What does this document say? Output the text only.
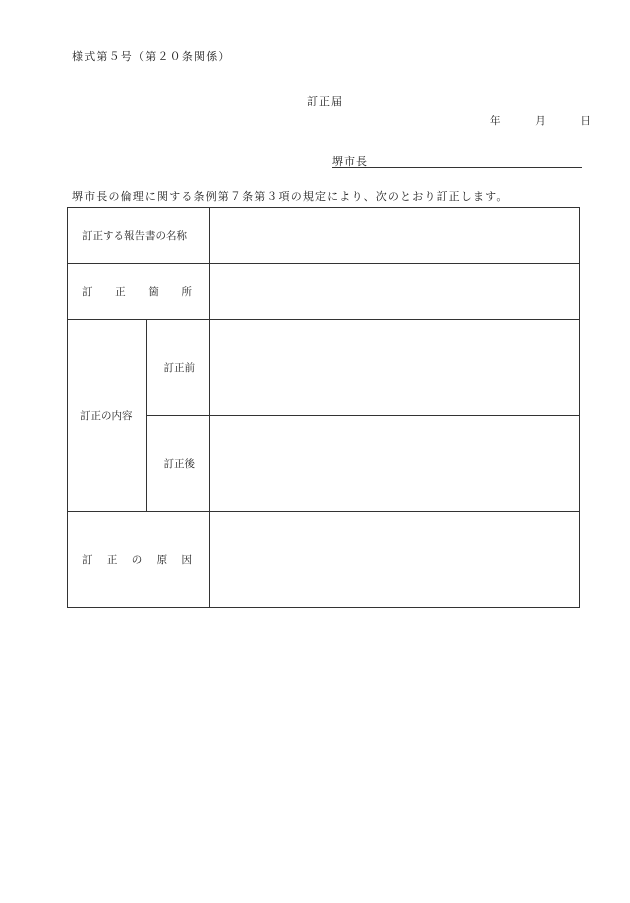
様式第５号（第２０条関係）
訂正届
年	月	日
堺市長
堺市長の倫理に関する条例第７条第３項の規定により、次のとおり訂正します。
訂正する報告書の名称		

訂 正 箇 所		

訂正の内容	訂正前	
	訂正後	

訂 正 の 原 因		
